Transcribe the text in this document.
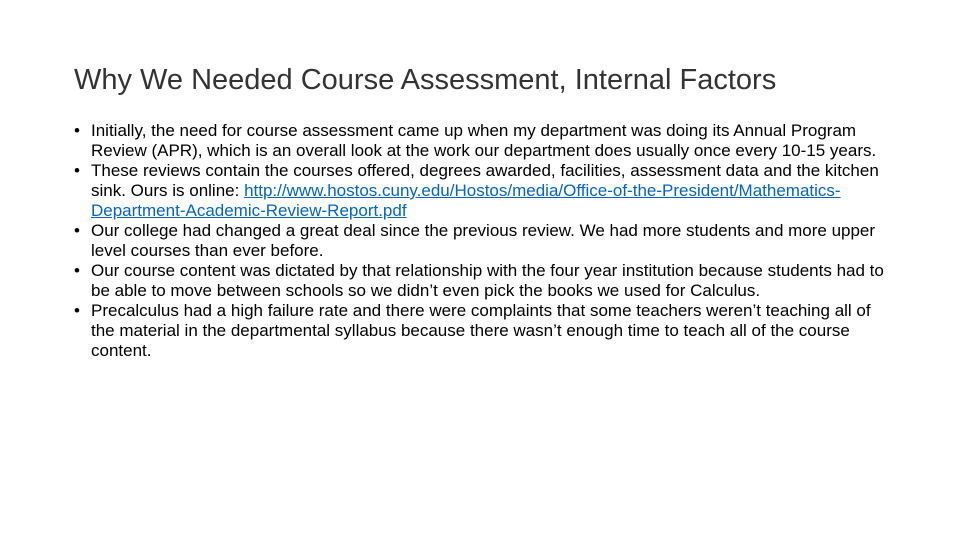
Why We Needed Course Assessment, Internal Factors
• Initially, the need for course assessment came up when my department was doing its Annual Program Review (APR), which is an overall look at the work our department does usually once every 10-15 years.
• These reviews contain the courses offered, degrees awarded, facilities, assessment data and the kitchen sink. Ours is online: http://www.hostos.cuny.edu/Hostos/media/Office-of-the-President/Mathematics-Department-Academic-Review-Report.pdf
• Our college had changed a great deal since the previous review. We had more students and more upper level courses than ever before.
• Our course content was dictated by that relationship with the four year institution because students had to be able to move between schools so we didn’t even pick the books we used for Calculus.
• Precalculus had a high failure rate and there were complaints that some teachers weren’t teaching all of the material in the departmental syllabus because there wasn’t enough time to teach all of the course content.
